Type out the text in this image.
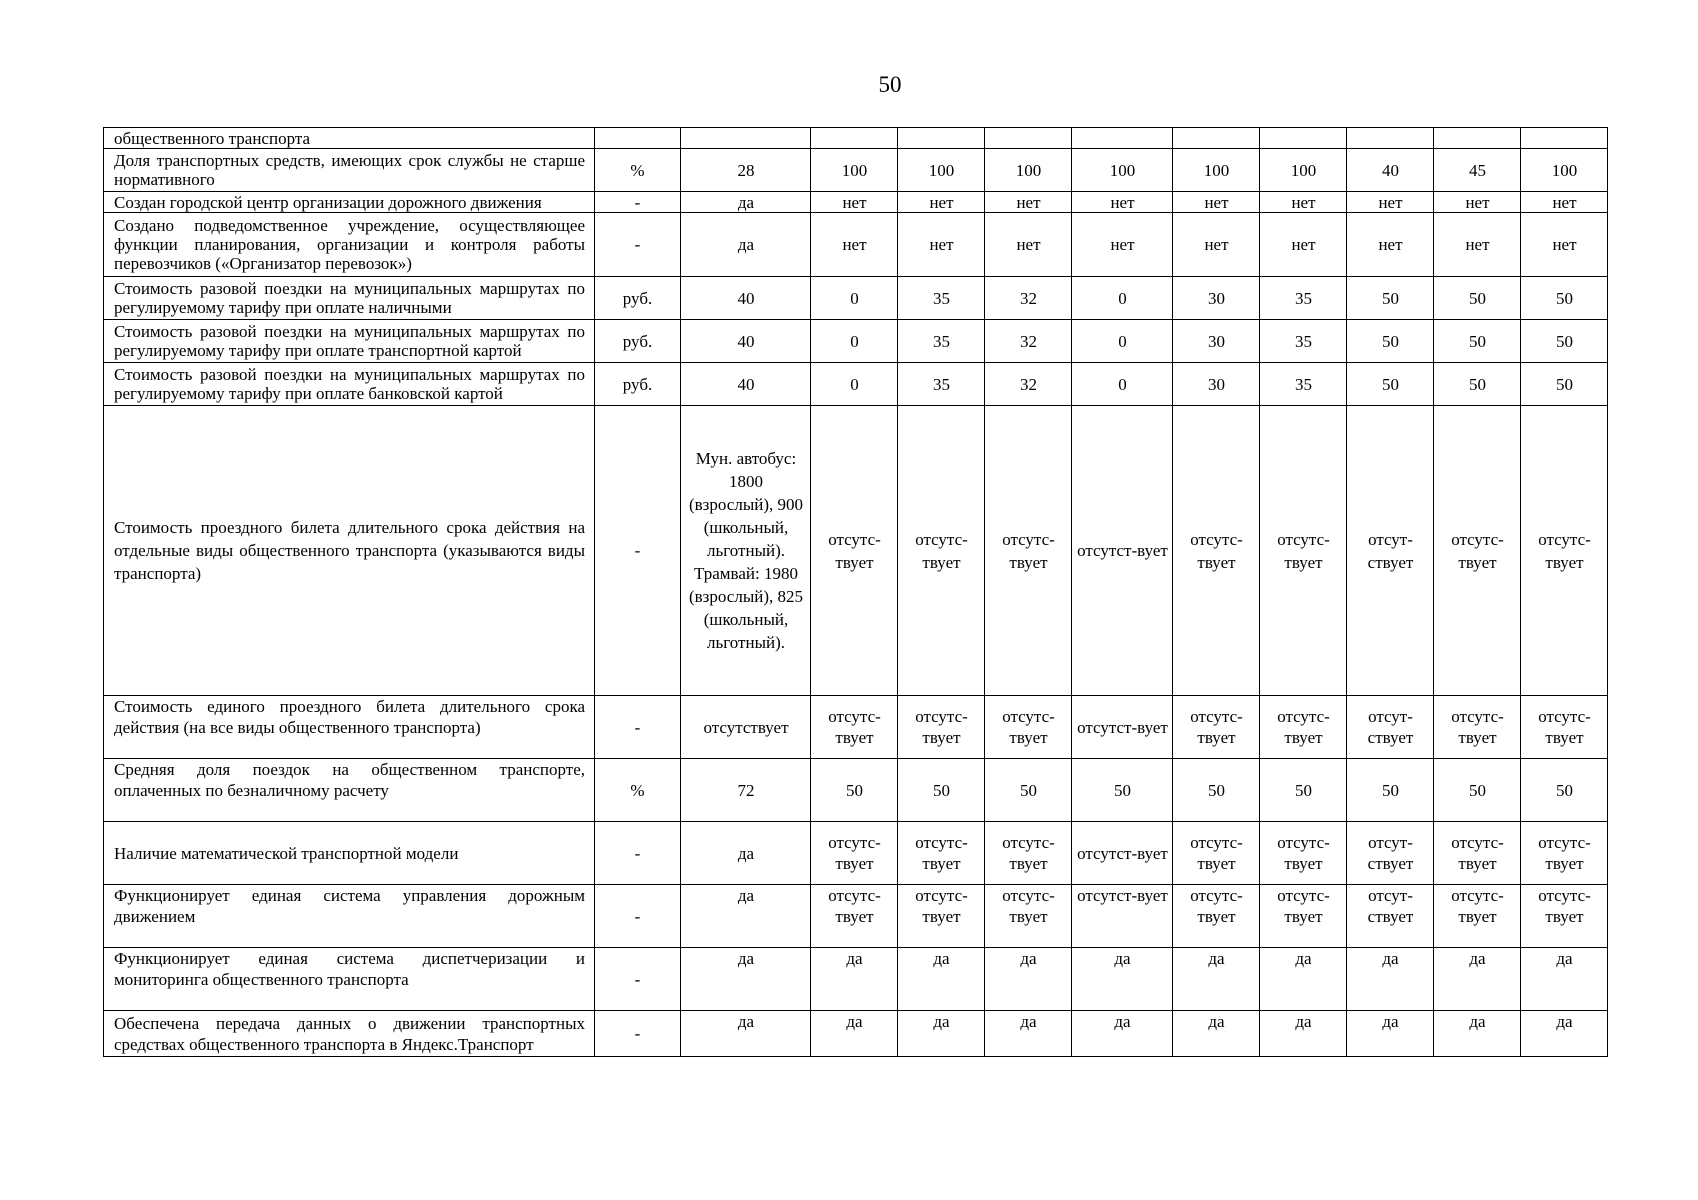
50
общественного транспорта		

Доля транспортных средств, имеющих срок службы не старше нормативного	%	28	100	100	100	100	100	100	40	45	100

Создан городской центр организации дорожного движения	-	да	нет	нет	нет	нет	нет	нет	нет	нет	нет

Создано подведомственное учреждение, осуществляющее функции планирования, организации и контроля работы перевозчиков («Организатор перевозок»)	-	да	нет	нет	нет	нет	нет	нет	нет	нет	нет

Стоимость разовой поездки на муниципальных маршрутах по регулируемому тарифу при оплате наличными	руб.	40	0	35	32	0	30	35	50	50	50

Стоимость разовой поездки на муниципальных маршрутах по регулируемому тарифу при оплате транспортной картой	руб.	40	0	35	32	0	30	35	50	50	50

Стоимость разовой поездки на муниципальных маршрутах по регулируемому тарифу при оплате банковской картой	руб.	40	0	35	32	0	30	35	50	50	50

Стоимость проездного билета длительного срока действия на отдельные виды общественного транспорта (указываются виды транспорта)	-	Мун. автобус: 1800 (взрослый), 900 (школьный, льготный). Трамвай: 1980 (взрослый), 825 (школьный, льготный).	отсутс-твует	отсутс-твует	отсутс-твует	отсутст-вует	отсутс-твует	отсутс-твует	отсут-ствует	отсутс-твует	отсутс-твует

Стоимость единого проездного билета длительного срока действия (на все виды общественного транспорта)	-	отсутствует	отсутс-твует	отсутс-твует	отсутс-твует	отсутст-вует	отсутс-твует	отсутс-твует	отсут-ствует	отсутс-твует	отсутс-твует

Средняя доля поездок на общественном транспорте, оплаченных по безналичному расчету	%	72	50	50	50	50	50	50	50	50	50

Наличие математической транспортной модели	-	да	отсутс-твует	отсутс-твует	отсутс-твует	отсутст-вует	отсутс-твует	отсутс-твует	отсут-ствует	отсутс-твует	отсутс-твует

Функционирует единая система управления дорожным движением	-	да	отсутс-твует	отсутс-твует	отсутс-твует	отсутст-вует	отсутс-твует	отсутс-твует	отсут-ствует	отсутс-твует	отсутс-твует

Функционирует единая система диспетчеризации и мониторинга общественного транспорта	-	да	да	да	да	да	да	да	да	да	да

Обеспечена передача данных о движении транспортных средствах общественного транспорта в Яндекс.Транспорт	-	да	да	да	да	да	да	да	да	да	да
